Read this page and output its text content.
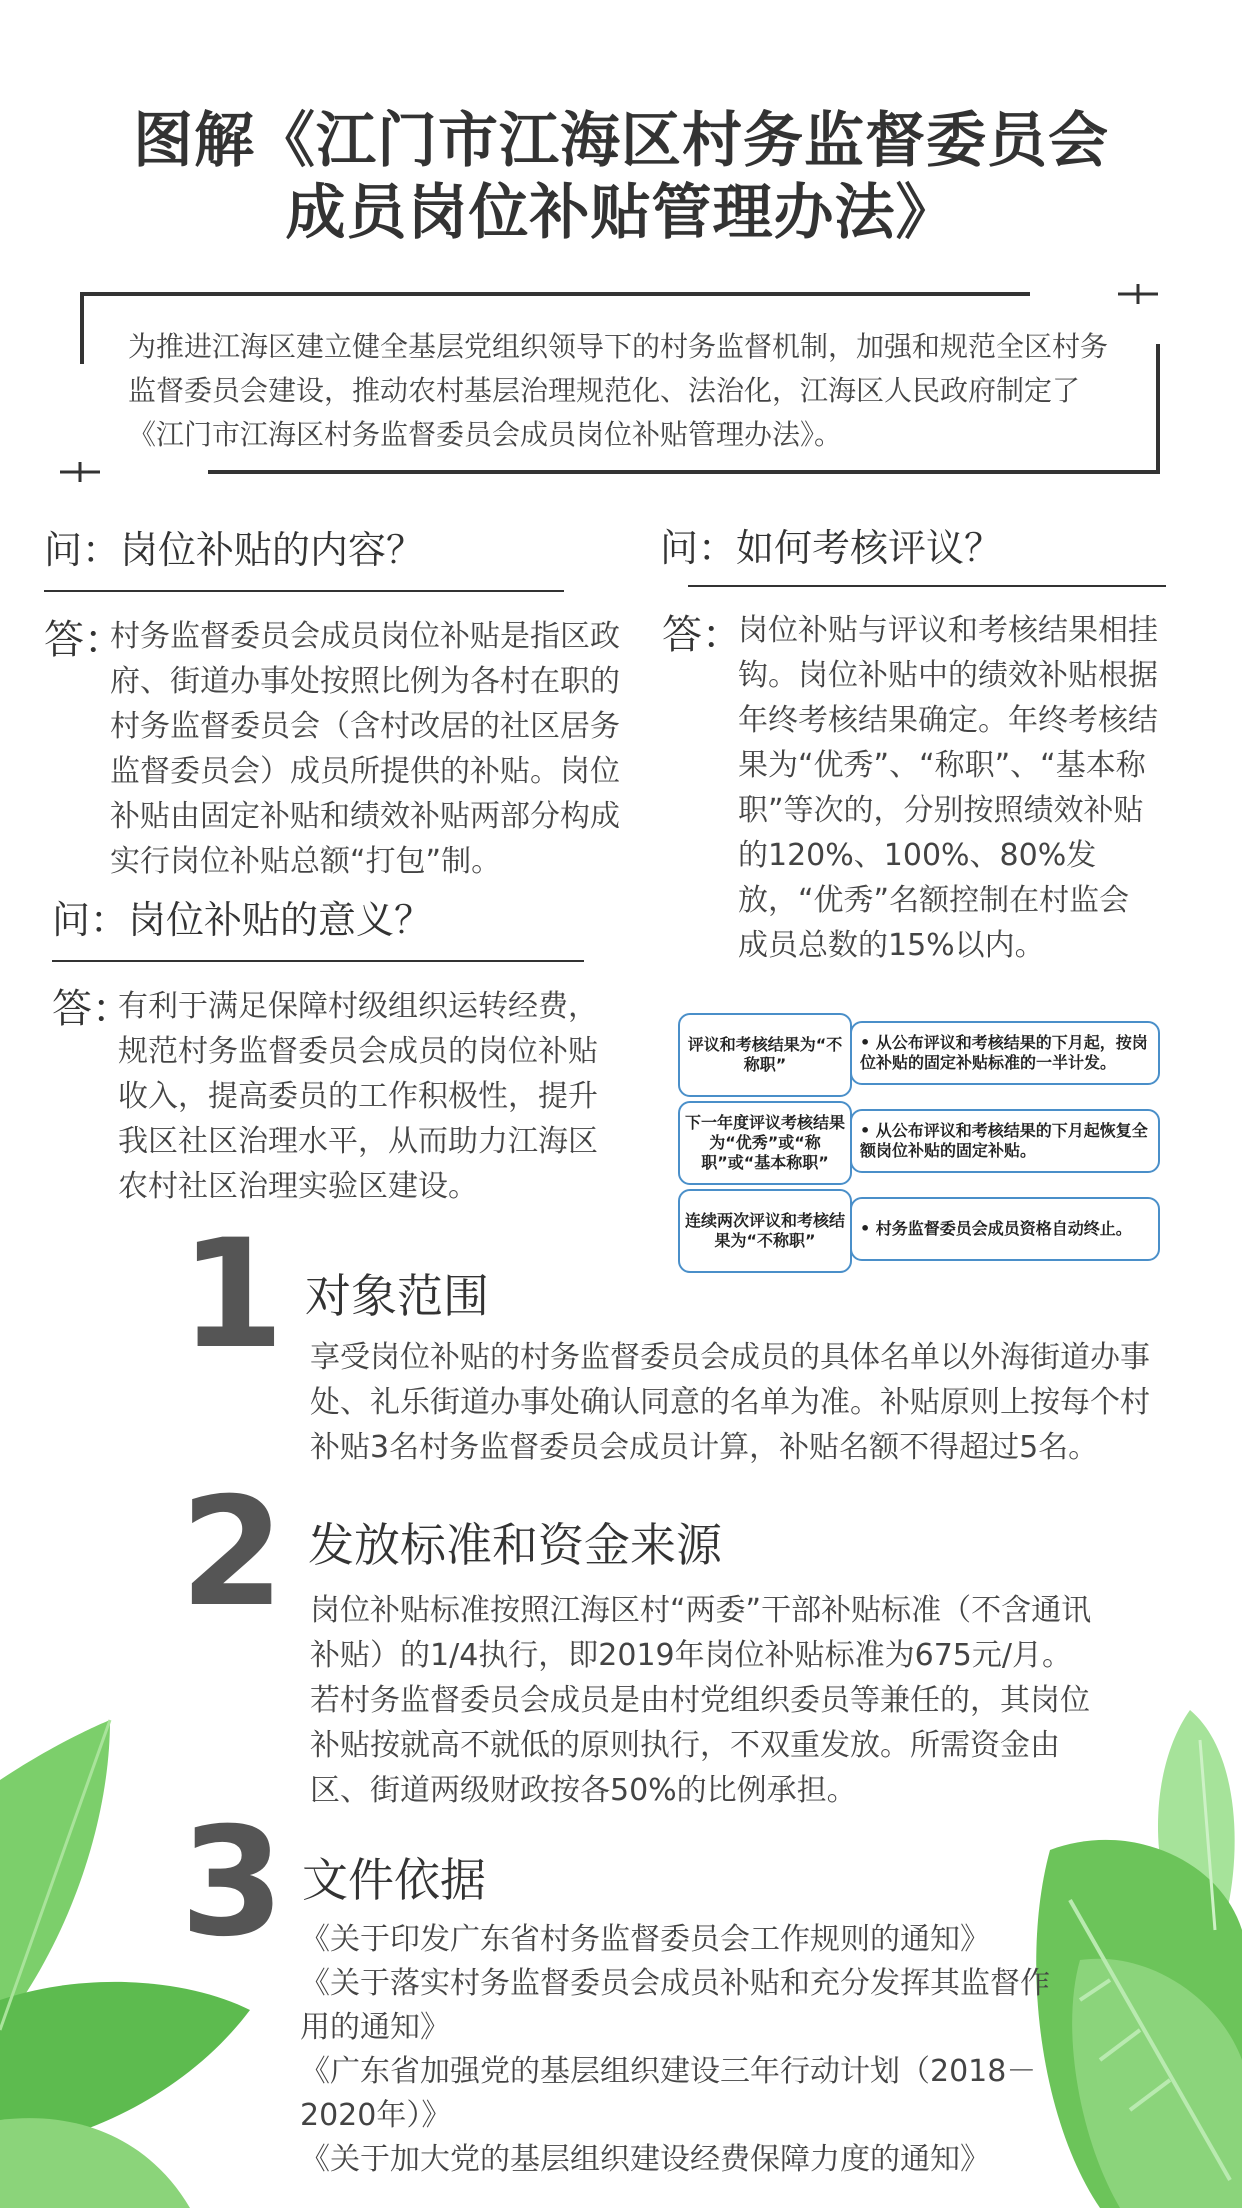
图解《江门市江海区村务监督委员会
成员岗位补贴管理办法》
为推进江海区建立健全基层党组织领导下的村务监督机制，加强和规范全区村务监督委员会建设，推动农村基层治理规范化、法治化，江海区人民政府制定了《江门市江海区村务监督委员会成员岗位补贴管理办法》。
问：岗位补贴的内容？
答：
村务监督委员会成员岗位补贴是指区政府、街道办事处按照比例为各村在职的村务监督委员会（含村改居的社区居务监督委员会）成员所提供的补贴。岗位补贴由固定补贴和绩效补贴两部分构成实行岗位补贴总额“打包”制。
问：岗位补贴的意义？
答：
有利于满足保障村级组织运转经费，规范村务监督委员会成员的岗位补贴收入，提高委员的工作积极性，提升我区社区治理水平，从而助力江海区农村社区治理实验区建设。
问：如何考核评议？
答：
岗位补贴与评议和考核结果相挂钩。岗位补贴中的绩效补贴根据年终考核结果确定。年终考核结果为“优秀”、“称职”、“基本称职”等次的，分别按照绩效补贴的120%、100%、80%发放，“优秀”名额控制在村监会成员总数的15%以内。
评议和考核结果为“不称职”
• 从公布评议和考核结果的下月起，按岗位补贴的固定补贴标准的一半计发。
下一年度评议考核结果为“优秀”或“称职”或“基本称职”
• 从公布评议和考核结果的下月起恢复全额岗位补贴的固定补贴。
连续两次评议和考核结果为“不称职”
• 村务监督委员会成员资格自动终止。
1 对象范围
享受岗位补贴的村务监督委员会成员的具体名单以外海街道办事处、礼乐街道办事处确认同意的名单为准。补贴原则上按每个村补贴3名村务监督委员会成员计算，补贴名额不得超过5名。
2 发放标准和资金来源
岗位补贴标准按照江海区村“两委”干部补贴标准（不含通讯补贴）的1/4执行，即2019年岗位补贴标准为675元/月。若村务监督委员会成员是由村党组织委员等兼任的，其岗位补贴按就高不就低的原则执行，不双重发放。所需资金由区、街道两级财政按各50%的比例承担。
3 文件依据
《关于印发广东省村务监督委员会工作规则的通知》
《关于落实村务监督委员会成员补贴和充分发挥其监督作用的通知》
《广东省加强党的基层组织建设三年行动计划（2018－2020年）》
《关于加大党的基层组织建设经费保障力度的通知》
